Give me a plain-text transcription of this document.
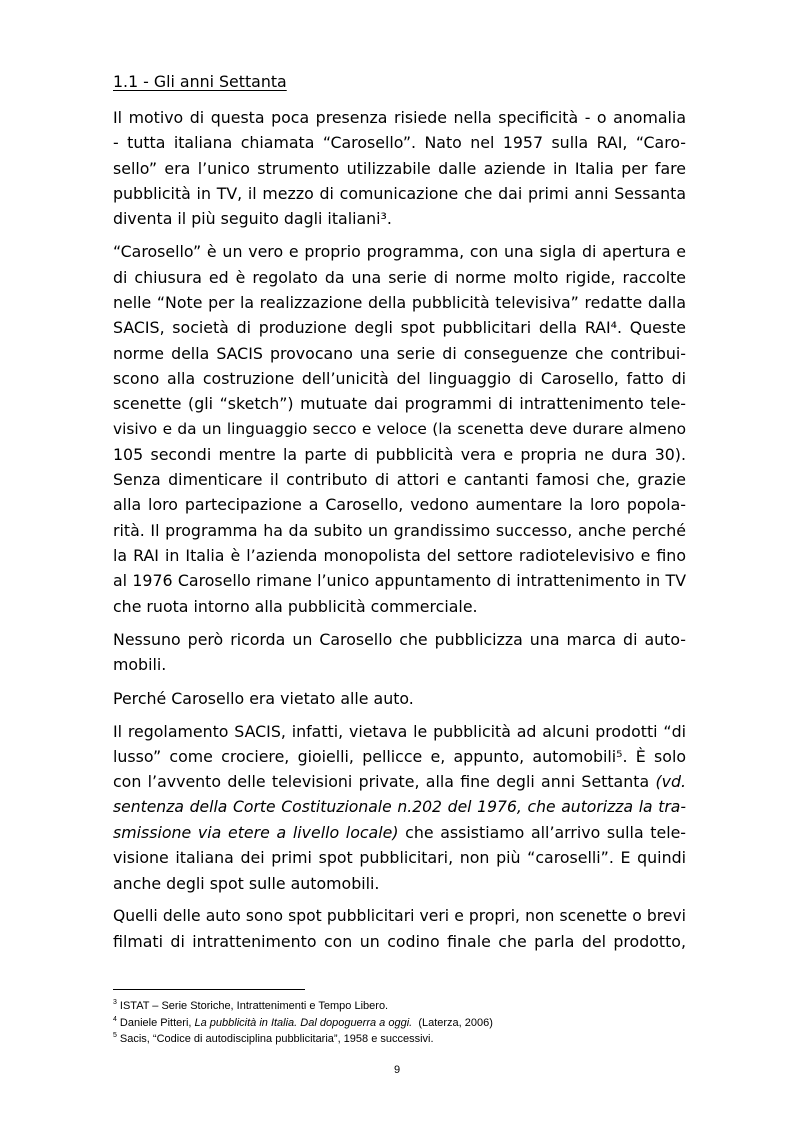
1.1 - Gli anni Settanta
Il motivo di questa poca presenza risiede nella specificità - o anomalia
- tutta italiana chiamata “Carosello”. Nato nel 1957 sulla RAI, “Caro-
sello” era l’unico strumento utilizzabile dalle aziende in Italia per fare
pubblicità in TV, il mezzo di comunicazione che dai primi anni Sessanta
diventa il più seguito dagli italiani³.
“Carosello” è un vero e proprio programma, con una sigla di apertura e
di chiusura ed è regolato da una serie di norme molto rigide, raccolte
nelle “Note per la realizzazione della pubblicità televisiva” redatte dalla
SACIS, società di produzione degli spot pubblicitari della RAI⁴. Queste
norme della SACIS provocano una serie di conseguenze che contribui-
scono alla costruzione dell’unicità del linguaggio di Carosello, fatto di
scenette (gli “sketch”) mutuate dai programmi di intrattenimento tele-
visivo e da un linguaggio secco e veloce (la scenetta deve durare almeno
105 secondi mentre la parte di pubblicità vera e propria ne dura 30).
Senza dimenticare il contributo di attori e cantanti famosi che, grazie
alla loro partecipazione a Carosello, vedono aumentare la loro popola-
rità. Il programma ha da subito un grandissimo successo, anche perché
la RAI in Italia è l’azienda monopolista del settore radiotelevisivo e fino
al 1976 Carosello rimane l’unico appuntamento di intrattenimento in TV
che ruota intorno alla pubblicità commerciale.
Nessuno però ricorda un Carosello che pubblicizza una marca di auto-
mobili.
Perché Carosello era vietato alle auto.
Il regolamento SACIS, infatti, vietava le pubblicità ad alcuni prodotti “di
lusso” come crociere, gioielli, pellicce e, appunto, automobili⁵. È solo
con l’avvento delle televisioni private, alla fine degli anni Settanta (vd.
sentenza della Corte Costituzionale n.202 del 1976, che autorizza la tra-
smissione via etere a livello locale) che assistiamo all’arrivo sulla tele-
visione italiana dei primi spot pubblicitari, non più “caroselli”. E quindi
anche degli spot sulle automobili.
Quelli delle auto sono spot pubblicitari veri e propri, non scenette o brevi
filmati di intrattenimento con un codino finale che parla del prodotto,
$^3$ ISTAT – Serie Storiche, Intrattenimenti e Tempo Libero.
$^4$ Daniele Pitteri, La pubblicità in Italia. Dal dopoguerra a oggi.  (Laterza, 2006)
$^5$ Sacis, “Codice di autodisciplina pubblicitaria”, 1958 e successivi.
9
